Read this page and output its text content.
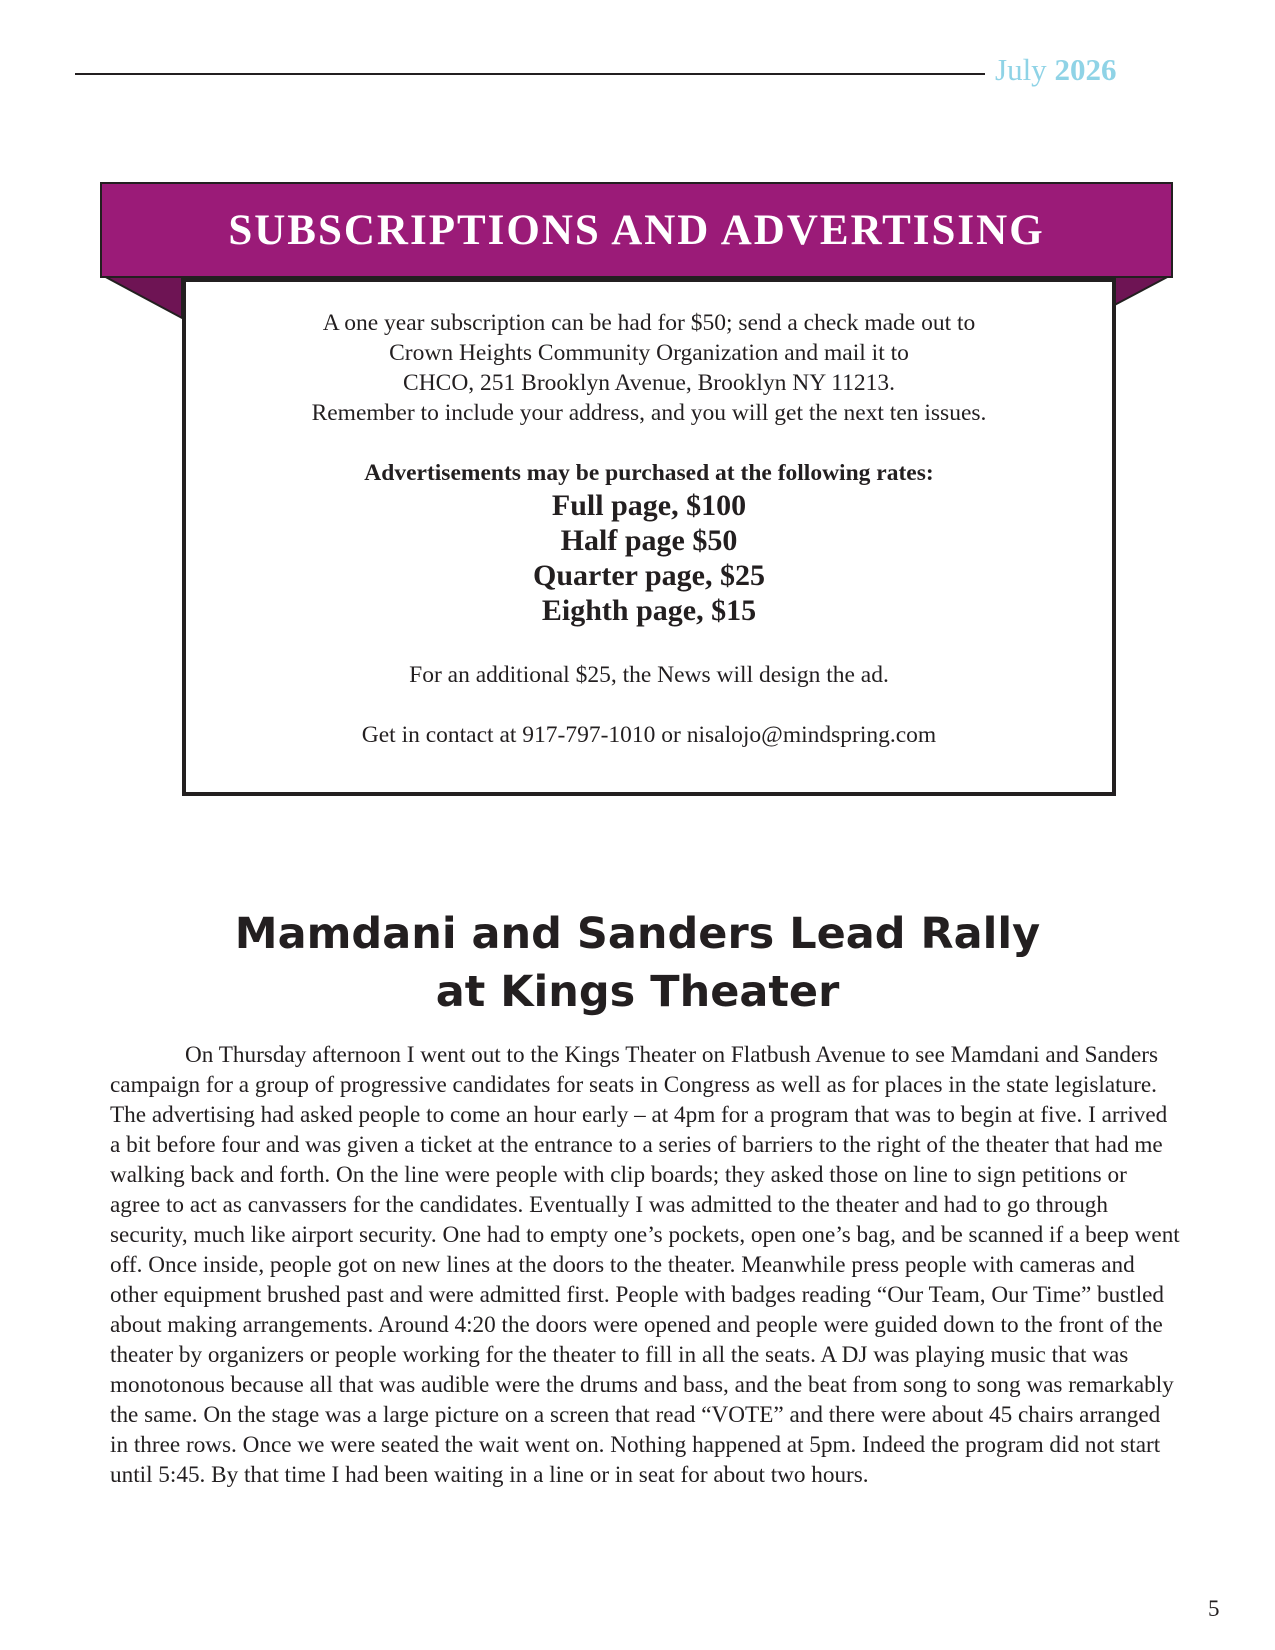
July 2026
SUBSCRIPTIONS AND ADVERTISING
A one year subscription can be had for $50; send a check made out to
Crown Heights Community Organization and mail it to
CHCO, 251 Brooklyn Avenue, Brooklyn NY 11213.
Remember to include your address, and you will get the next ten issues.
Advertisements may be purchased at the following rates:
Full page, $100
Half page $50
Quarter page, $25
Eighth page, $15
For an additional $25, the News will design the ad.
Get in contact at 917-797-1010 or nisalojo@mindspring.com
Mamdani and Sanders Lead Rally
at Kings Theater

On Thursday afternoon I went out to the Kings Theater on Flatbush Avenue to see Mamdani and Sanders campaign for a group of progressive candidates for seats in Congress as well as for places in the state legislature. The advertising had asked people to come an hour early – at 4pm for a program that was to begin at five. I arrived a bit before four and was given a ticket at the entrance to a series of barriers to the right of the theater that had me walking back and forth. On the line were people with clip boards; they asked those on line to sign petitions or agree to act as canvassers for the candidates. Eventually I was admitted to the theater and had to go through security, much like airport security. One had to empty one’s pockets, open one’s bag, and be scanned if a beep went off. Once inside, people got on new lines at the doors to the theater. Meanwhile press people with cameras and other equipment brushed past and were admitted first. People with badges reading “Our Team, Our Time” bustled about making arrangements. Around 4:20 the doors were opened and people were guided down to the front of the theater by organizers or people working for the theater to fill in all the seats. A DJ was playing music that was monotonous because all that was audible were the drums and bass, and the beat from song to song was remarkably the same. On the stage was a large picture on a screen that read “VOTE” and there were about 45 chairs arranged in three rows. Once we were seated the wait went on. Nothing happened at 5pm. Indeed the program did not start until 5:45. By that time I had been waiting in a line or in seat for about two hours.

5
